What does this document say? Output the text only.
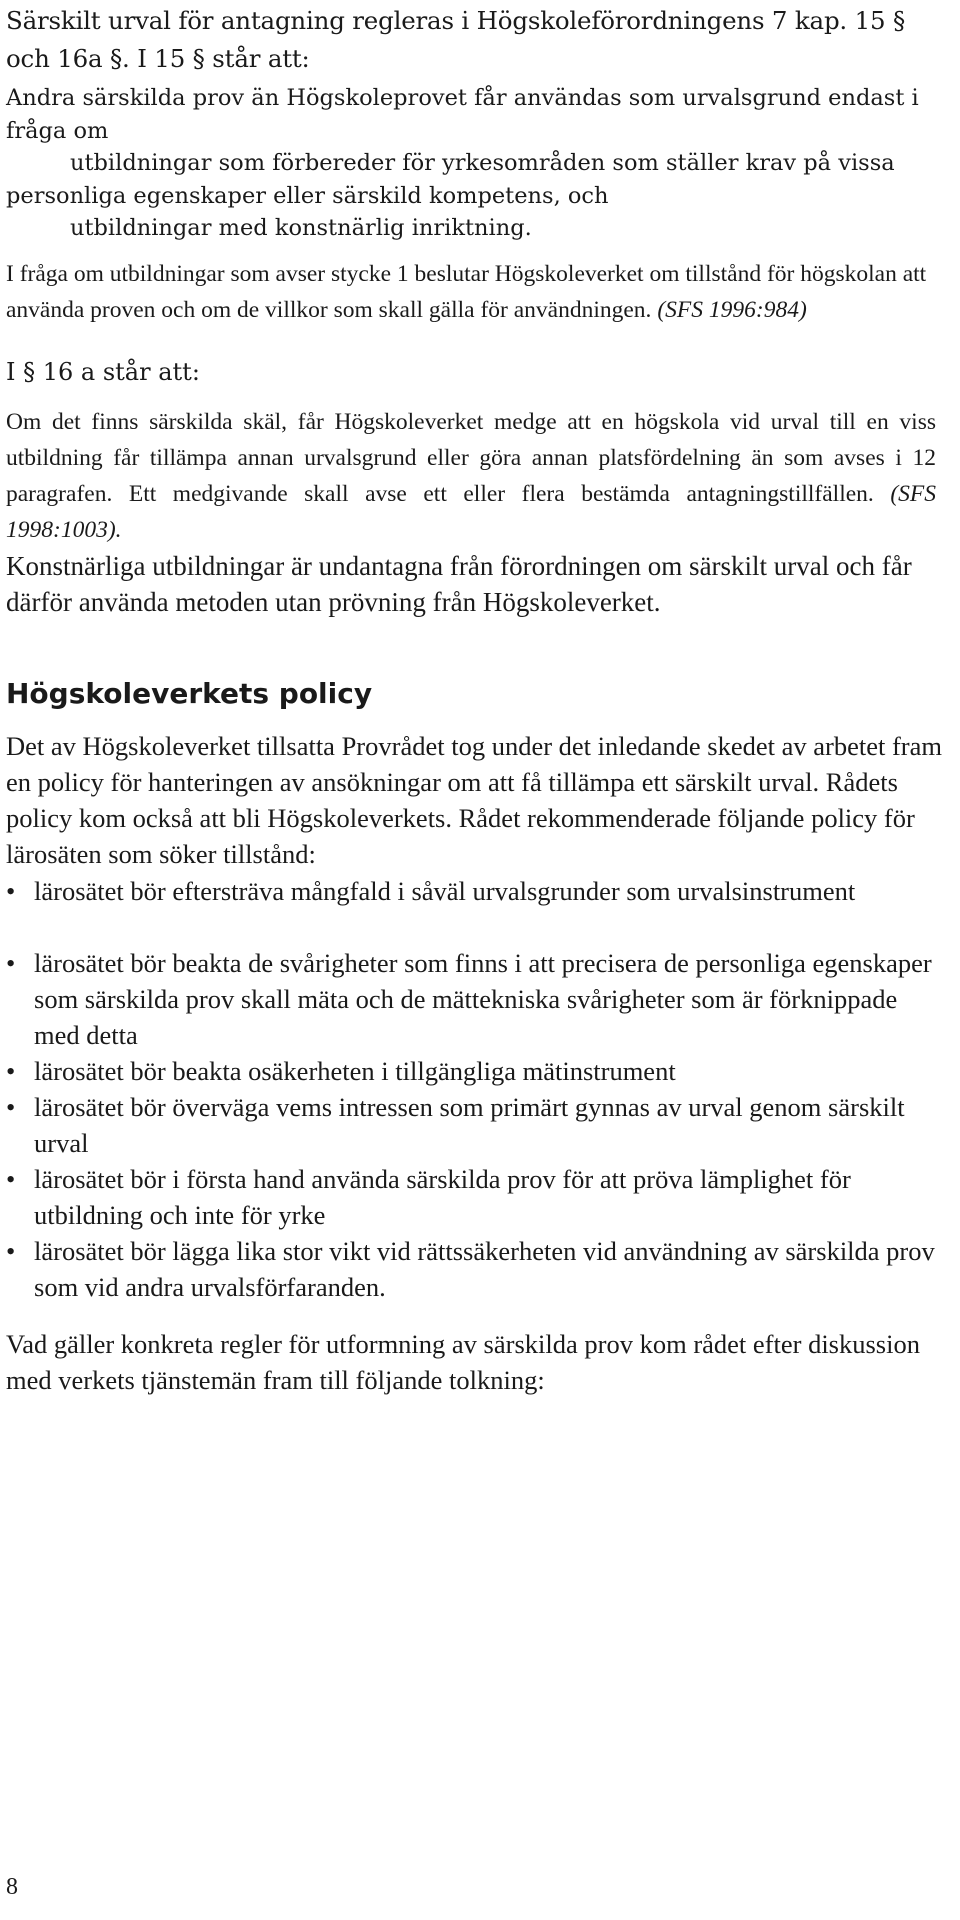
Särskilt urval för antagning regleras i Högskoleförordningens 7 kap. 15 § och 16a §. I 15 § står att:
Andra särskilda prov än Högskoleprovet får användas som urvalsgrund endast i fråga om
utbildningar som förbereder för yrkesområden som ställer krav på vissa
personliga egenskaper eller särskild kompetens, och
utbildningar med konstnärlig inriktning.
I fråga om utbildningar som avser stycke 1 beslutar Högskoleverket om tillstånd för högskolan att använda proven och om de villkor som skall gälla för användningen. (SFS 1996:984)
I § 16 a står att:
Om det finns särskilda skäl, får Högskoleverket medge att en högskola vid urval till en viss utbildning får tillämpa annan urvalsgrund eller göra annan platsfördelning än som avses i 12 paragrafen. Ett medgivande skall avse ett eller flera bestämda antagningstillfällen. (SFS 1998:1003).
Konstnärliga utbildningar är undantagna från förordningen om särskilt urval och får därför använda metoden utan prövning från Högskoleverket.
Högskoleverkets policy
Det av Högskoleverket tillsatta Provrådet tog under det inledande skedet av arbetet fram en policy för hanteringen av ansökningar om att få tillämpa ett särskilt urval. Rådets policy kom också att bli Högskoleverkets. Rådet rekommenderade följande policy för lärosäten som söker tillstånd:
• lärosätet bör eftersträva mångfald i såväl urvalsgrunder som urvalsinstrument
• lärosätet bör beakta de svårigheter som finns i att precisera de personliga egenskaper som särskilda prov skall mäta och de mättekniska svårigheter som är förknippade med detta
• lärosätet bör beakta osäkerheten i tillgängliga mätinstrument
• lärosätet bör överväga vems intressen som primärt gynnas av urval genom särskilt urval
• lärosätet bör i första hand använda särskilda prov för att pröva lämplighet för utbildning och inte för yrke
• lärosätet bör lägga lika stor vikt vid rättssäkerheten vid användning av särskilda prov som vid andra urvalsförfaranden.
Vad gäller konkreta regler för utformning av särskilda prov kom rådet efter diskussion med verkets tjänstemän fram till följande tolkning:
8
